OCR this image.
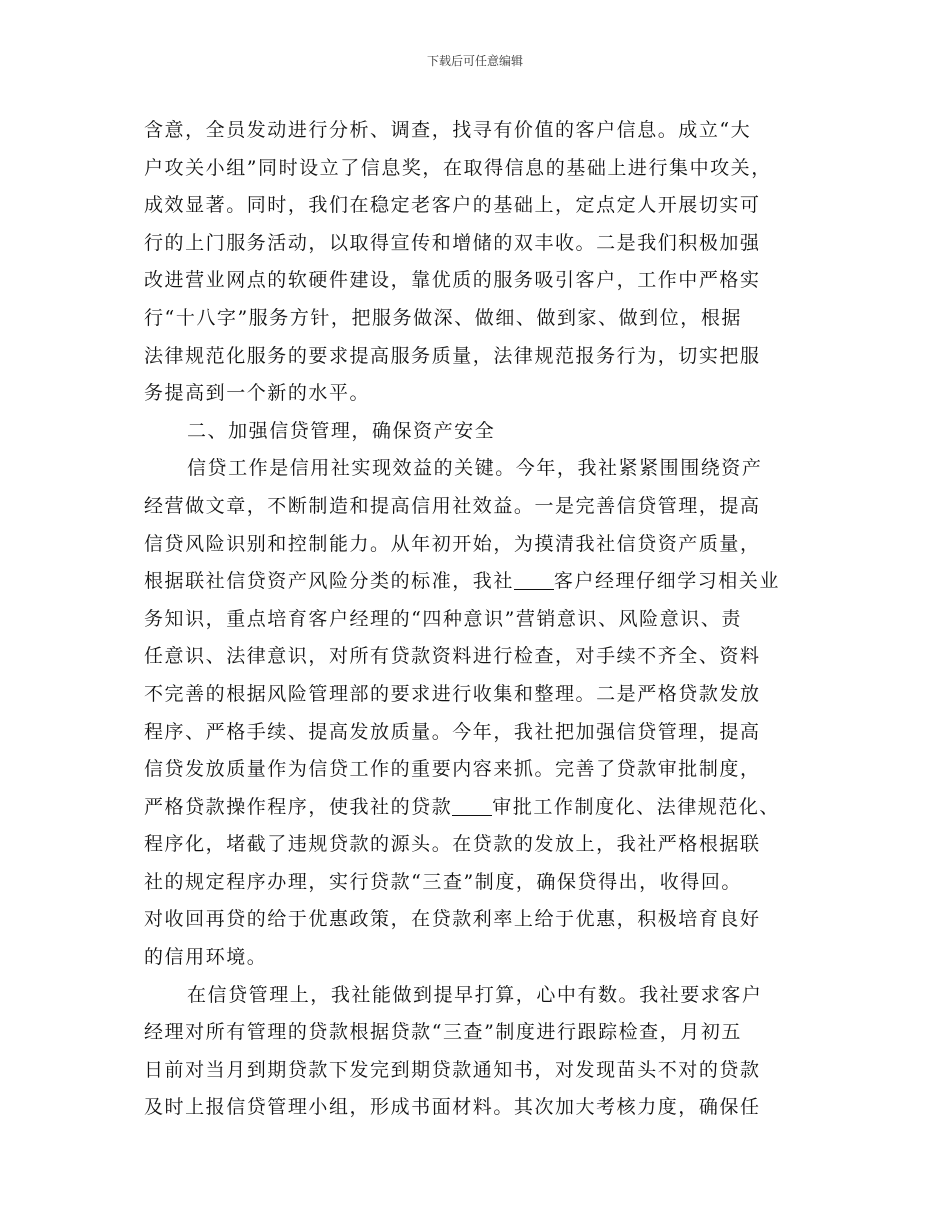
下载后可任意编辑
含意，全员发动进行分析、调查，找寻有价值的客户信息。成立“大
户攻关小组”同时设立了信息奖，在取得信息的基础上进行集中攻关，
成效显著。同时，我们在稳定老客户的基础上，定点定人开展切实可
行的上门服务活动，以取得宣传和增储的双丰收。二是我们积极加强
改进营业网点的软硬件建设，靠优质的服务吸引客户，工作中严格实
行“十八字”服务方针，把服务做深、做细、做到家、做到位，根据
法律规范化服务的要求提高服务质量，法律规范报务行为，切实把服
务提高到一个新的水平。
二、加强信贷管理，确保资产安全
信贷工作是信用社实现效益的关键。今年，我社紧紧围围绕资产
经营做文章，不断制造和提高信用社效益。一是完善信贷管理，提高
信贷风险识别和控制能力。从年初开始，为摸清我社信贷资产质量，
根据联社信贷资产风险分类的标准，我社 客户经理仔细学习相关业
务知识，重点培育客户经理的“四种意识”营销意识、风险意识、责
任意识、法律意识，对所有贷款资料进行检查，对手续不齐全、资料
不完善的根据风险管理部的要求进行收集和整理。二是严格贷款发放
程序、严格手续、提高发放质量。今年，我社把加强信贷管理，提高
信贷发放质量作为信贷工作的重要内容来抓。完善了贷款审批制度，
严格贷款操作程序，使我社的贷款 审批工作制度化、法律规范化、
程序化，堵截了违规贷款的源头。在贷款的发放上，我社严格根据联
社的规定程序办理，实行贷款“三查”制度，确保贷得出，收得回。
对收回再贷的给于优惠政策，在贷款利率上给于优惠，积极培育良好
的信用环境。
在信贷管理上，我社能做到提早打算，心中有数。我社要求客户
经理对所有管理的贷款根据贷款“三查”制度进行跟踪检查，月初五
日前对当月到期贷款下发完到期贷款通知书，对发现苗头不对的贷款
及时上报信贷管理小组，形成书面材料。其次加大考核力度，确保任
